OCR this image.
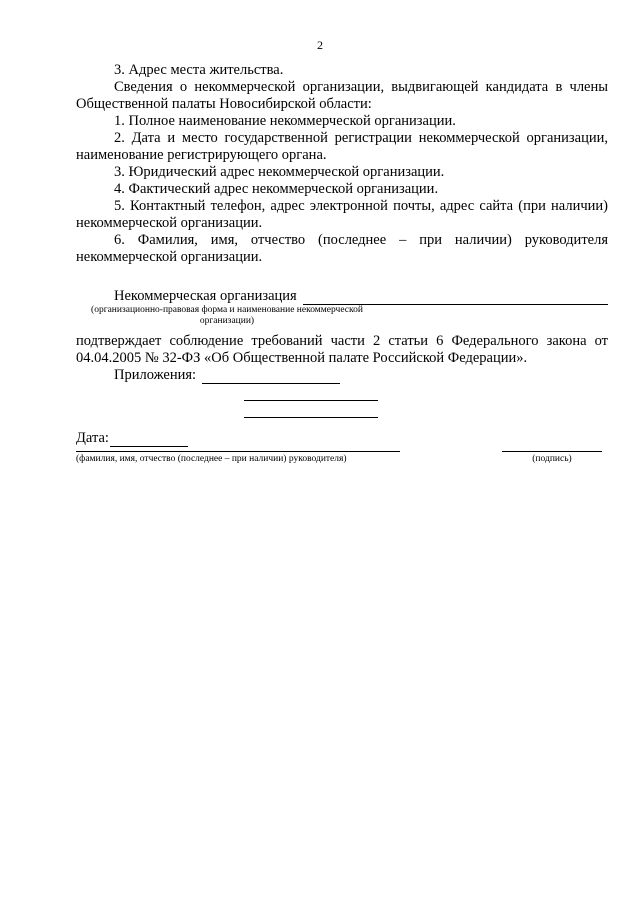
2

3. Адрес места жительства.

Сведения о некоммерческой организации, выдвигающей кандидата в члены Общественной палаты Новосибирской области:

1. Полное наименование некоммерческой организации.

2. Дата и место государственной регистрации некоммерческой организации, наименование регистрирующего органа.

3. Юридический адрес некоммерческой организации.

4. Фактический адрес некоммерческой организации.

5. Контактный телефон, адрес электронной почты, адрес сайта (при наличии) некоммерческой организации.

6. Фамилия, имя, отчество (последнее – при наличии) руководителя некоммерческой организации.

Некоммерческая организация

(организационно-правовая форма и наименование некоммерческой организации)

подтверждает соблюдение требований части 2 статьи 6 Федерального закона от 04.04.2005 № 32-ФЗ «Об Общественной палате Российской Федерации».

Приложения:

Дата:

(фамилия, имя, отчество (последнее – при наличии) руководителя)	(подпись)
